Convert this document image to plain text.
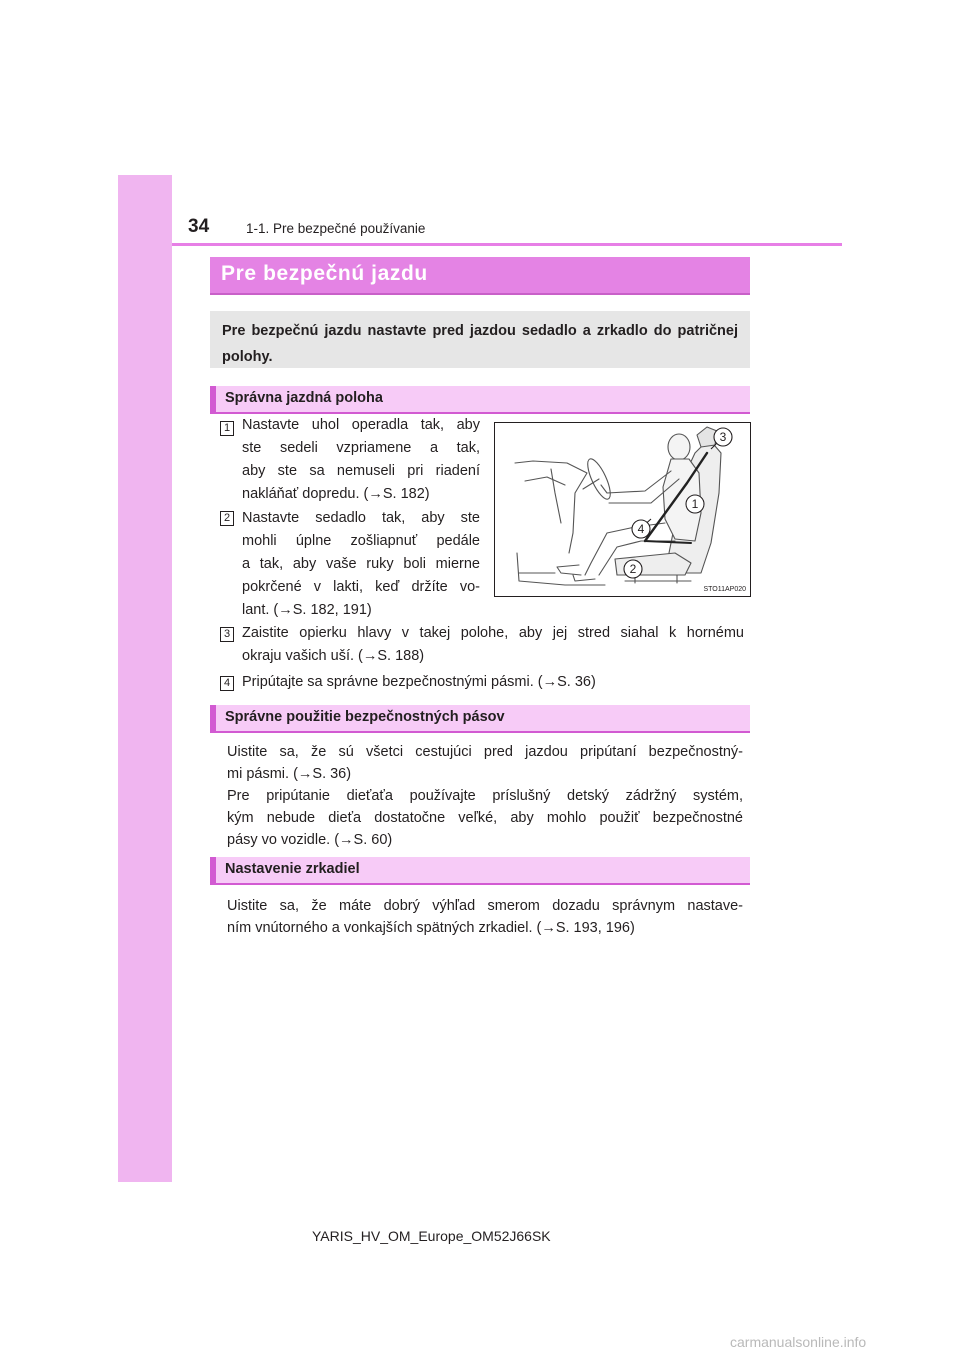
34	1-1. Pre bezpečné používanie
Pre bezpečnú jazdu
Pre bezpečnú jazdu nastavte pred jazdou sedadlo a zrkadlo do patričnej polohy.
Správna jazdná poloha
1 Nastavte uhol operadla tak, aby
ste sedeli vzpriamene a tak,
aby ste sa nemuseli pri riadení
nakláňať dopredu. (→S. 182)
2 Nastavte sedadlo tak, aby ste
mohli úplne zošliapnuť pedále
a tak, aby vaše ruky boli mierne
pokrčené v lakti, keď držíte vo-
lant. (→S. 182, 191)
1
2
3
4
STO11AP020
3 Zaistite opierku hlavy v takej polohe, aby jej stred siahal k hornému
okraju vašich uší. (→S. 188)
4 Pripútajte sa správne bezpečnostnými pásmi. (→S. 36)
Správne použitie bezpečnostných pásov
Uistite sa, že sú všetci cestujúci pred jazdou pripútaní bezpečnostný-
mi pásmi. (→S. 36)
Pre pripútanie dieťaťa používajte príslušný detský zádržný systém,
kým nebude dieťa dostatočne veľké, aby mohlo použiť bezpečnostné
pásy vo vozidle. (→S. 60)
Nastavenie zrkadiel
Uistite sa, že máte dobrý výhľad smerom dozadu správnym nastave-
ním vnútorného a vonkajších spätných zrkadiel. (→S. 193, 196)
YARIS_HV_OM_Europe_OM52J66SK
carmanualsonline.info
